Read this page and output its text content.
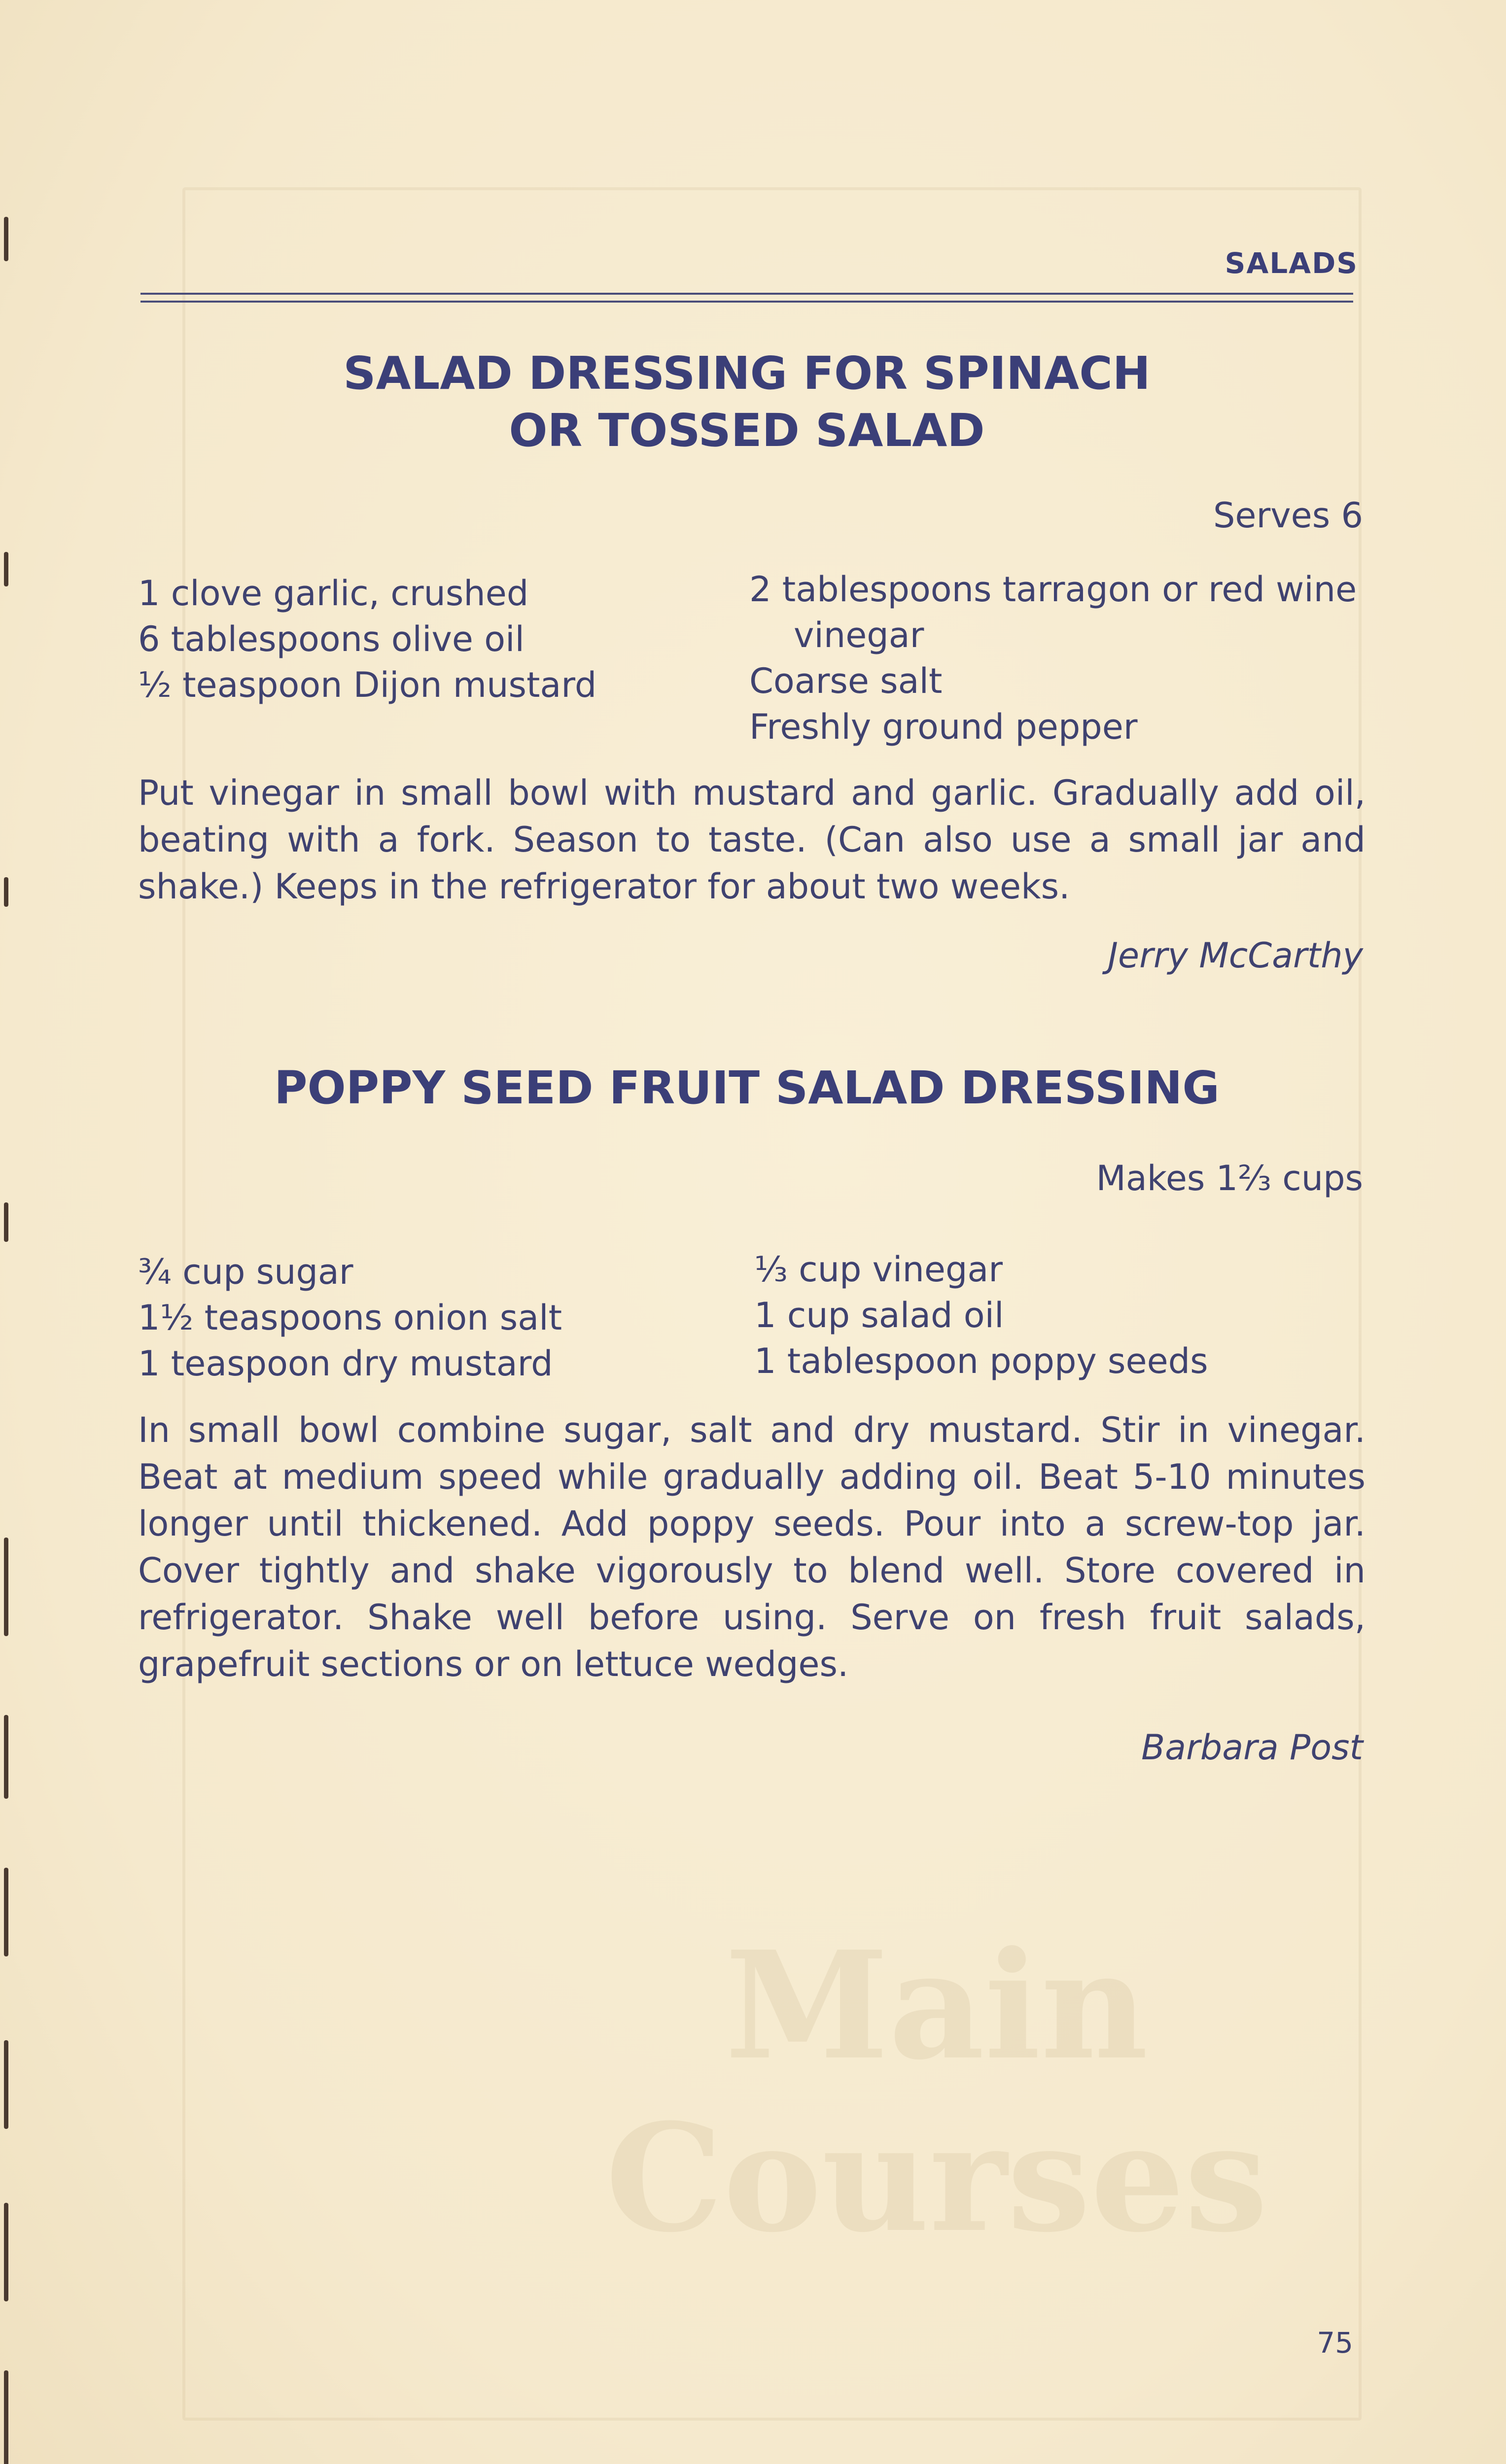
Main
Courses
SALADS
SALAD DRESSING FOR SPINACH
OR TOSSED SALAD
Serves 6
1 clove garlic, crushed
6 tablespoons olive oil
½ teaspoon Dijon mustard
2 tablespoons tarragon or red wine
vinegar
Coarse salt
Freshly ground pepper
Put vinegar in small bowl with mustard and garlic. Gradually add oil, beating with a fork. Season to taste. (Can also use a small jar and shake.) Keeps in the refrigerator for about two weeks.
Jerry McCarthy
POPPY SEED FRUIT SALAD DRESSING
Makes 1⅔ cups
¾ cup sugar
1½ teaspoons onion salt
1 teaspoon dry mustard
⅓ cup vinegar
1 cup salad oil
1 tablespoon poppy seeds
In small bowl combine sugar, salt and dry mustard. Stir in vinegar. Beat at medium speed while gradually adding oil. Beat 5-10 minutes longer until thickened. Add poppy seeds. Pour into a screw-top jar. Cover tightly and shake vigorously to blend well. Store covered in refrigerator. Shake well before using. Serve on fresh fruit salads, grapefruit sections or on lettuce wedges.
Barbara Post
75
